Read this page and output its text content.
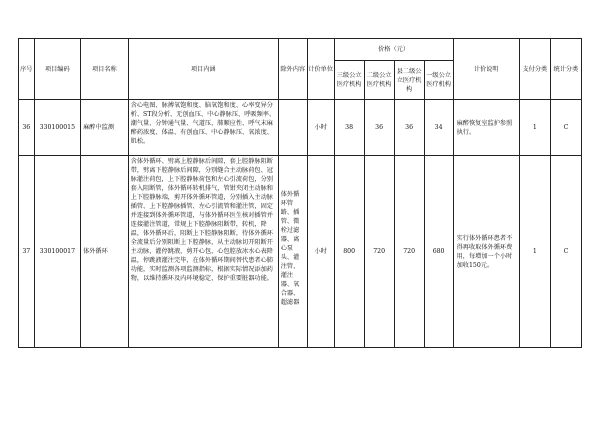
序号	项目编码	项目名称	项目内涵	除外内容	计价单位	价格（元）				计价说明	支付分类	统计分类
						三级公立医疗机构	二级公立医疗机构	县二级公立医疗机构	一级公立医疗机构			
36	330100015	麻醉中监测	含心电图、脉搏氧饱和度、脑氧饱和度、心率变异分析、ST段分析、无创血压、中心静脉压、呼吸频率、潮气量、分钟通气量、气道压、肺顺应性、呼气末麻醉药浓度、体温、有创血压、中心静脉压、氧浓度、肌松。		小时	38	36	36	34	麻醉恢复室监护参照执行。	1	C
37	330100017	体外循环	含体外循环、劈离上腔静脉后间隙，套上腔静脉阻断带，劈离下腔静脉后间隙，分别缝合主动脉荷包、冠脉灌注荷包，上下腔静脉荷包和左心引流荷包，分别套入阻断管，体外循环转机排气，管钳夹闭主动脉和上下腔静脉端，剪开体外循环管道，分别插入主动脉插管、上下腔静脉插管、左心引流管和灌注管，固定并连接到体外循环管道，与体外循环医生核对插管并连接灌注管道，常规上下腔静脉阻断带，转机，降温，体外循环后，阻断上下腔静脉阻断，待体外循环全流量后分别阻断上下腔静脉，从主动脉切开阻断开主动脉，灌停跳液，剪开心包，心包腔放冰水心表降温，停跳液灌注完毕，在体外循环期间替代患者心肺功能，实时监测各项监测指标，根据实际情况添加药物，以维持循环及内环境稳定，保护重要脏器功能。	体外循环管路、插管、微栓过滤器、离心泵头、灌注管、灌注器、氧合器、超滤器	小时	800	720	720	680	实行体外循环患者不得再收取体外循环费用，每增加一个小时加收150元。	1	C
